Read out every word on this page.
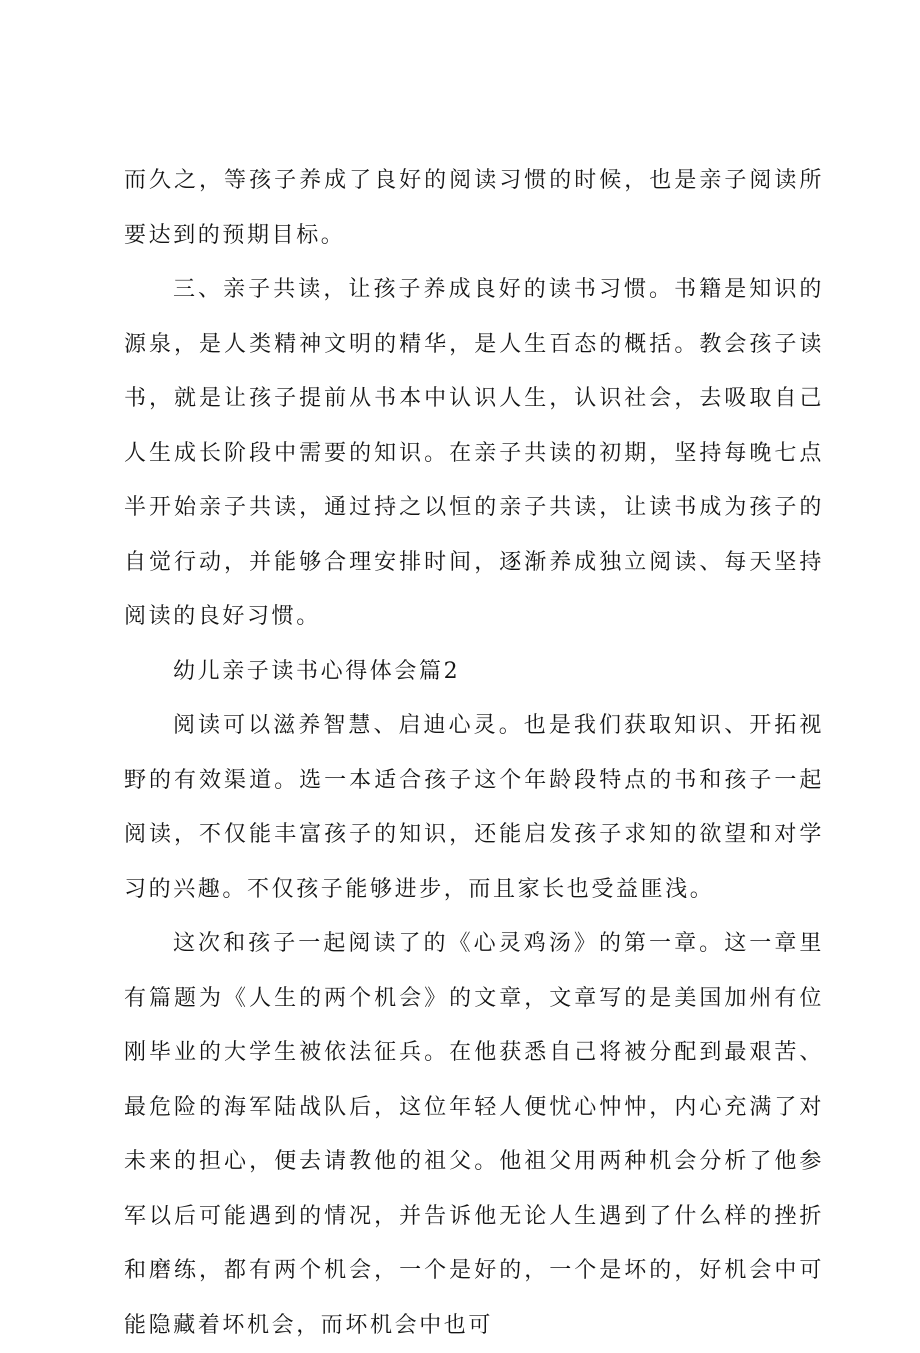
而久之，等孩子养成了良好的阅读习惯的时候，也是亲子阅读所要达到的预期目标。

三、亲子共读，让孩子养成良好的读书习惯。书籍是知识的源泉，是人类精神文明的精华，是人生百态的概括。教会孩子读书，就是让孩子提前从书本中认识人生，认识社会，去吸取自己人生成长阶段中需要的知识。在亲子共读的初期，坚持每晚七点半开始亲子共读，通过持之以恒的亲子共读，让读书成为孩子的自觉行动，并能够合理安排时间，逐渐养成独立阅读、每天坚持阅读的良好习惯。

幼儿亲子读书心得体会篇2

阅读可以滋养智慧、启迪心灵。也是我们获取知识、开拓视野的有效渠道。选一本适合孩子这个年龄段特点的书和孩子一起阅读，不仅能丰富孩子的知识，还能启发孩子求知的欲望和对学习的兴趣。不仅孩子能够进步，而且家长也受益匪浅。

这次和孩子一起阅读了的《心灵鸡汤》的第一章。这一章里有篇题为《人生的两个机会》的文章，文章写的是美国加州有位刚毕业的大学生被依法征兵。在他获悉自己将被分配到最艰苦、最危险的海军陆战队后，这位年轻人便忧心忡忡，内心充满了对未来的担心，便去请教他的祖父。他祖父用两种机会分析了他参军以后可能遇到的情况，并告诉他无论人生遇到了什么样的挫折和磨练，都有两个机会，一个是好的，一个是坏的，好机会中可能隐藏着坏机会，而坏机会中也可
